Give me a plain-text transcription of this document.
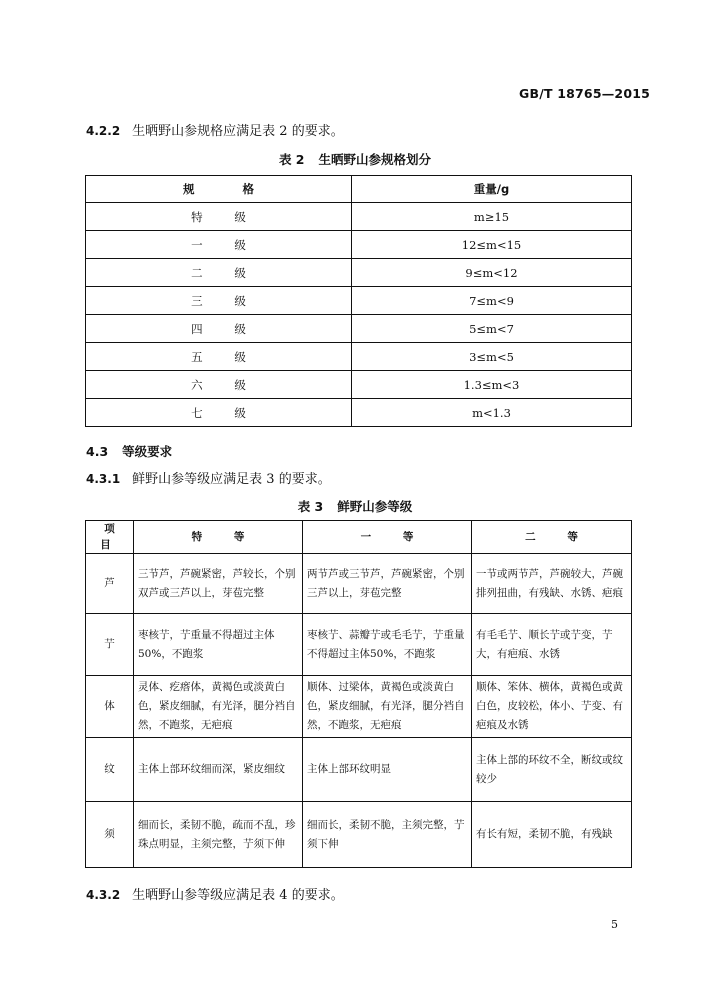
GB/T 18765—2015
4.2.2 生晒野山参规格应满足表 2 的要求。
表 2 生晒野山参规格划分
规 格	重量/g
特 级	m≥15
一 级	12≤m<15
二 级	9≤m<12
三 级	7≤m<9
四 级	5≤m<7
五 级	3≤m<5
六 级	1.3≤m<3
七 级	m<1.3
4.3 等级要求
4.3.1 鲜野山参等级应满足表 3 的要求。
表 3 鲜野山参等级
项 目	特 等	一 等	二 等
芦	三节芦，芦碗紧密，芦较长，个别双芦或三芦以上，芽苞完整	两节芦或三节芦，芦碗紧密，个别三芦以上，芽苞完整	一节或两节芦，芦碗较大，芦碗排列扭曲，有残缺、水锈、疤痕
艼	枣核艼，艼重量不得超过主体50%，不跑浆	枣核艼、蒜瓣艼或毛毛艼，艼重量不得超过主体50%，不跑浆	有毛毛艼、顺长艼或艼变，艼大，有疤痕、水锈
体	灵体、疙瘩体，黄褐色或淡黄白色，紧皮细腻，有光泽，腿分裆自然，不跑浆，无疤痕	顺体、过梁体，黄褐色或淡黄白色，紧皮细腻，有光泽，腿分裆自然，不跑浆，无疤痕	顺体、笨体、横体，黄褐色或黄白色，皮较松，体小、艼变、有疤痕及水锈
纹	主体上部环纹细而深，紧皮细纹	主体上部环纹明显	主体上部的环纹不全，断纹或纹较少
须	细而长，柔韧不脆，疏而不乱，珍珠点明显，主须完整，艼须下伸	细而长，柔韧不脆，主须完整，艼须下伸	有长有短，柔韧不脆，有残缺
4.3.2 生晒野山参等级应满足表 4 的要求。
5
